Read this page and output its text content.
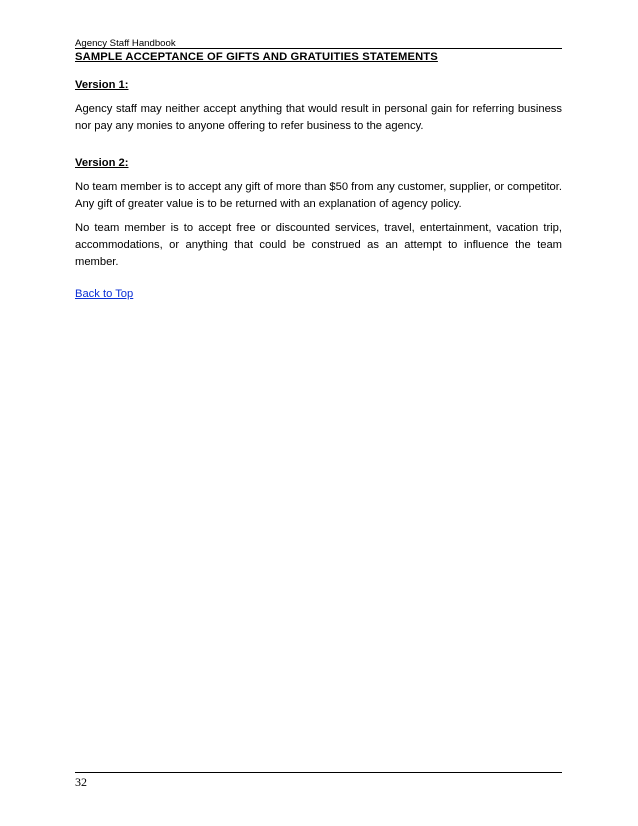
Agency Staff Handbook
SAMPLE ACCEPTANCE OF GIFTS AND GRATUITIES STATEMENTS
Version 1:
Agency staff may neither accept anything that would result in personal gain for referring business nor pay any monies to anyone offering to refer business to the agency.
Version 2:
No team member is to accept any gift of more than $50 from any customer, supplier, or competitor. Any gift of greater value is to be returned with an explanation of agency policy.
No team member is to accept free or discounted services, travel, entertainment, vacation trip, accommodations, or anything that could be construed as an attempt to influence the team member.
Back to Top
32
